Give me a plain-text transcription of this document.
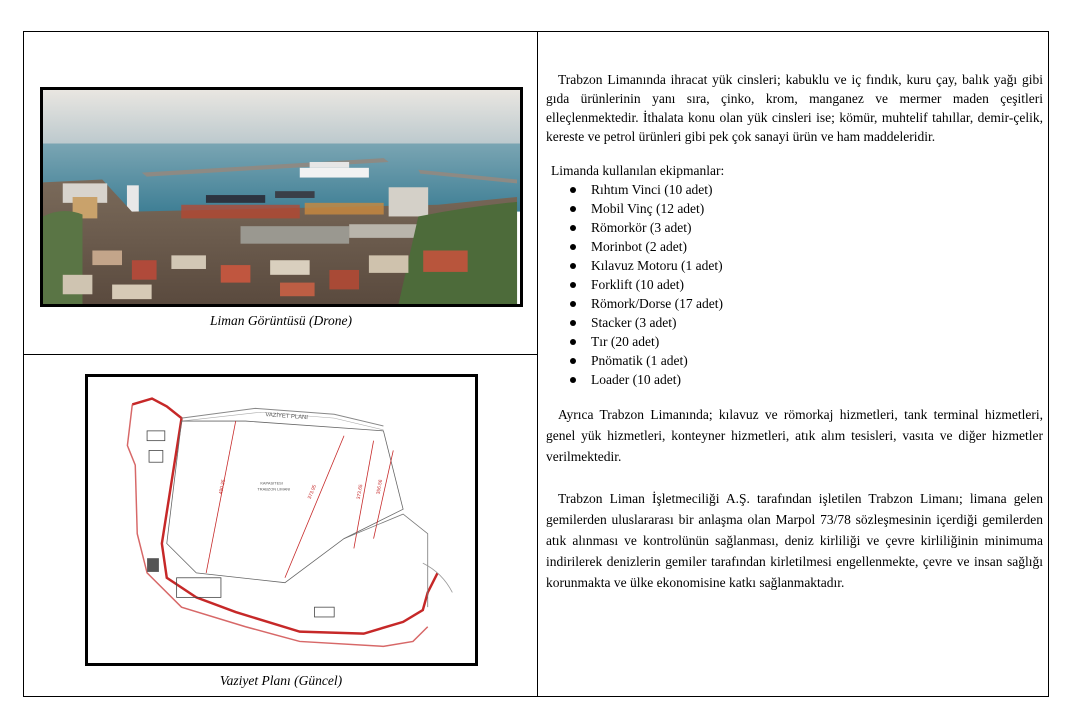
Liman Görüntüsü (Drone)
VAZİYET PLANI
490.25	373.95	373.65 356.56
KAPASITESI
TRABZON LIMANI
Vaziyet Planı (Güncel)

Trabzon Limanında ihracat yük cinsleri; kabuklu ve iç fındık, kuru çay, balık yağı gibi gıda ürünlerinin yanı sıra, çinko, krom, manganez ve mermer maden çeşitleri elleçlenmektedir. İthalata konu olan yük cinsleri ise; kömür, muhtelif tahıllar, demir-çelik, kereste ve petrol ürünleri gibi pek çok sanayi ürün ve ham maddeleridir.

Limanda kullanılan ekipmanlar:
Rıhtım Vinci (10 adet)
Mobil Vinç (12 adet)
Römorkör (3 adet)
Morinbot (2 adet)
Kılavuz Motoru (1 adet)
Forklift (10 adet)
Römork/Dorse (17 adet)
Stacker (3 adet)
Tır (20 adet)
Pnömatik (1 adet)
Loader (10 adet)

Ayrıca Trabzon Limanında; kılavuz ve römorkaj hizmetleri, tank terminal hizmetleri, genel yük hizmetleri, konteyner hizmetleri, atık alım tesisleri, vasıta ve diğer hizmetler verilmektedir.

Trabzon Liman İşletmeciliği A.Ş. tarafından işletilen Trabzon Limanı; limana gelen gemilerden uluslararası bir anlaşma olan Marpol 73/78 sözleşmesinin içerdiği gemilerden atık alınması ve kontrolünün sağlanması, deniz kirliliği ve çevre kirliliğinin minimuma indirilerek denizlerin gemiler tarafından kirletilmesi engellenmekte, çevre ve insan sağlığı korunmakta ve ülke ekonomisine katkı sağlanmaktadır.
